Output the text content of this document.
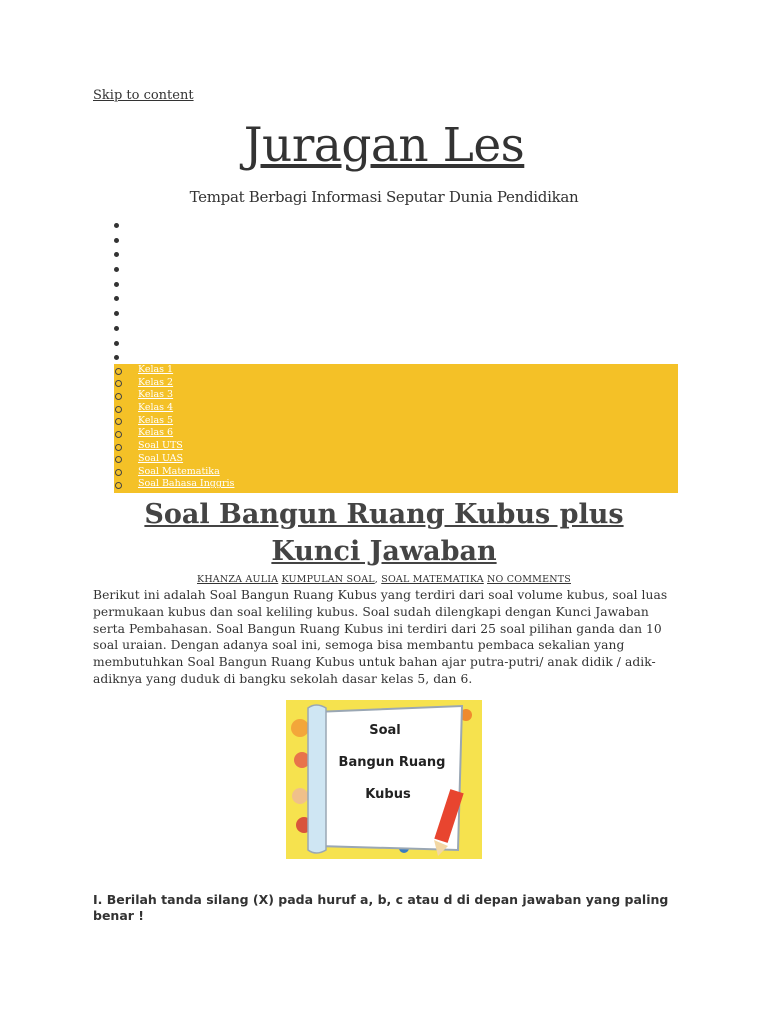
Skip to content
Juragan Les
Tempat Berbagi Informasi Seputar Dunia Pendidikan
Kelas 1
Kelas 2
Kelas 3
Kelas 4
Kelas 5
Kelas 6
Soal UTS
Soal UAS
Soal Matematika
Soal Bahasa Inggris
Soal Bangun Ruang Kubus plus Kunci Jawaban
KHANZA AULIA KUMPULAN SOAL, SOAL MATEMATIKA NO COMMENTS
Berikut ini adalah Soal Bangun Ruang Kubus yang terdiri dari soal volume kubus, soal luas permukaan kubus dan soal keliling kubus. Soal sudah dilengkapi dengan Kunci Jawaban serta Pembahasan. Soal Bangun Ruang Kubus ini terdiri dari 25 soal pilihan ganda dan 10 soal uraian. Dengan adanya soal ini, semoga bisa membantu pembaca sekalian yang membutuhkan Soal Bangun Ruang Kubus untuk bahan ajar putra-putri/ anak didik / adik-adiknya yang duduk di bangku sekolah dasar kelas 5, dan 6.
Soal
Bangun Ruang
Kubus
I. Berilah tanda silang (X) pada huruf a, b, c atau d di depan jawaban yang paling benar !
